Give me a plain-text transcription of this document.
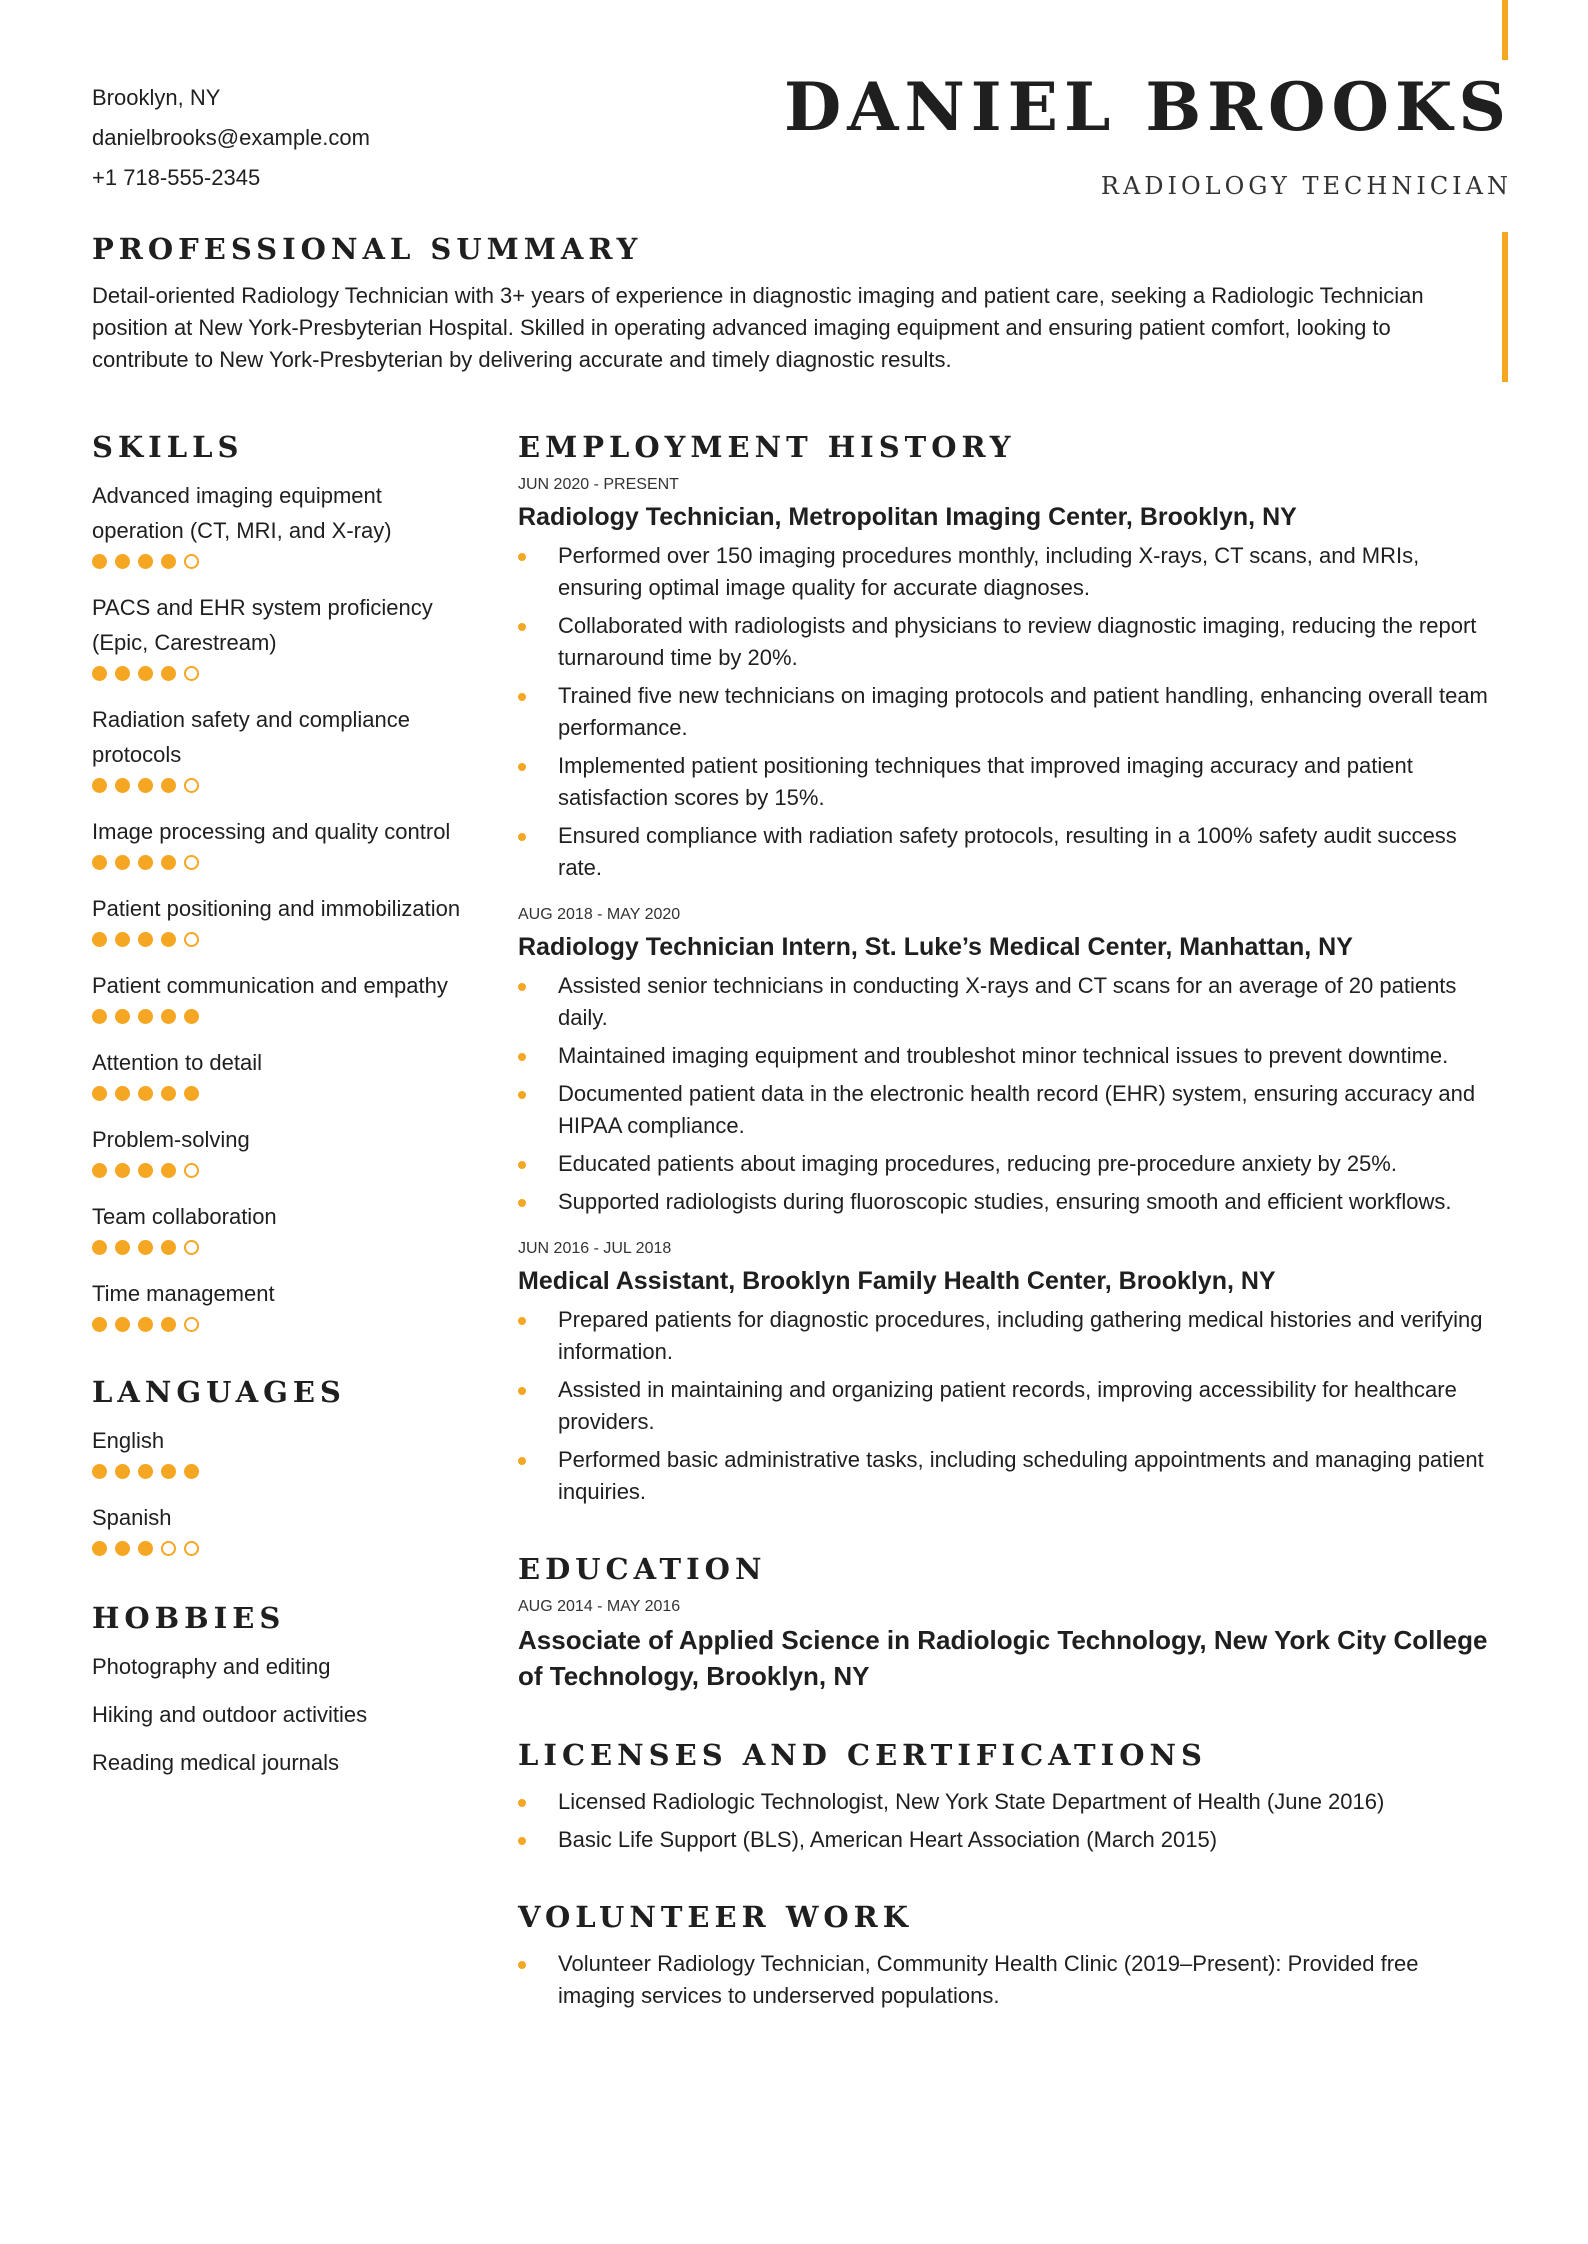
Brooklyn, NY
danielbrooks@example.com
+1 718-555-2345
DANIEL BROOKS
RADIOLOGY TECHNICIAN
PROFESSIONAL SUMMARY

Detail-oriented Radiology Technician with 3+ years of experience in diagnostic imaging and patient care, seeking a Radiologic Technician position at New York-Presbyterian Hospital. Skilled in operating advanced imaging equipment and ensuring patient comfort, looking to contribute to New York-Presbyterian by delivering accurate and timely diagnostic results.

SKILLS
Advanced imaging equipment operation (CT, MRI, and X-ray)
PACS and EHR system proficiency (Epic, Carestream)
Radiation safety and compliance protocols
Image processing and quality control
Patient positioning and immobilization
Patient communication and empathy
Attention to detail
Problem-solving
Team collaboration
Time management
LANGUAGES
English
Spanish
HOBBIES
Photography and editing
Hiking and outdoor activities
Reading medical journals
EMPLOYMENT HISTORY
JUN 2020 - PRESENT
Radiology Technician, Metropolitan Imaging Center, Brooklyn, NY
Performed over 150 imaging procedures monthly, including X-rays, CT scans, and MRIs, ensuring optimal image quality for accurate diagnoses.
Collaborated with radiologists and physicians to review diagnostic imaging, reducing the report turnaround time by 20%.
Trained five new technicians on imaging protocols and patient handling, enhancing overall team performance.
Implemented patient positioning techniques that improved imaging accuracy and patient satisfaction scores by 15%.
Ensured compliance with radiation safety protocols, resulting in a 100% safety audit success rate.
AUG 2018 - MAY 2020
Radiology Technician Intern, St. Luke’s Medical Center, Manhattan, NY
Assisted senior technicians in conducting X-rays and CT scans for an average of 20 patients daily.
Maintained imaging equipment and troubleshot minor technical issues to prevent downtime.
Documented patient data in the electronic health record (EHR) system, ensuring accuracy and HIPAA compliance.
Educated patients about imaging procedures, reducing pre-procedure anxiety by 25%.
Supported radiologists during fluoroscopic studies, ensuring smooth and efficient workflows.
JUN 2016 - JUL 2018
Medical Assistant, Brooklyn Family Health Center, Brooklyn, NY
Prepared patients for diagnostic procedures, including gathering medical histories and verifying information.
Assisted in maintaining and organizing patient records, improving accessibility for healthcare providers.
Performed basic administrative tasks, including scheduling appointments and managing patient inquiries.
EDUCATION
AUG 2014 - MAY 2016
Associate of Applied Science in Radiologic Technology, New York City College of Technology, Brooklyn, NY
LICENSES AND CERTIFICATIONS
Licensed Radiologic Technologist, New York State Department of Health (June 2016)
Basic Life Support (BLS), American Heart Association (March 2015)
VOLUNTEER WORK
Volunteer Radiology Technician, Community Health Clinic (2019–Present): Provided free imaging services to underserved populations.
